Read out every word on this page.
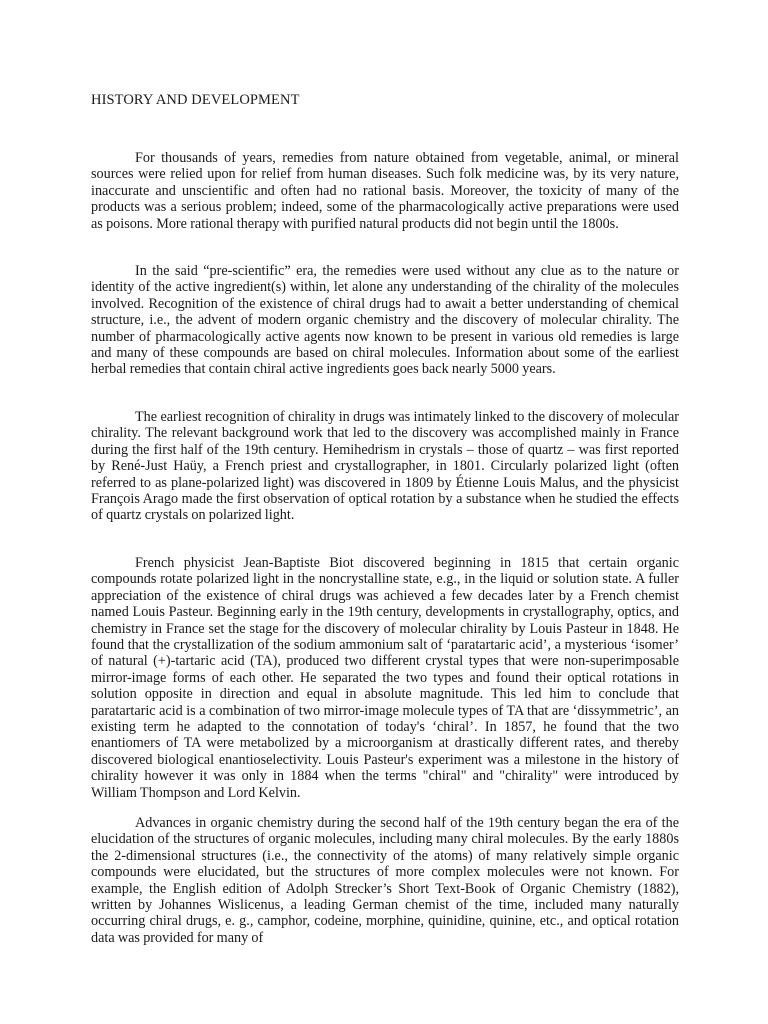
HISTORY AND DEVELOPMENT

For thousands of years, remedies from nature obtained from vegetable, animal, or mineral sources were relied upon for relief from human diseases. Such folk medicine was, by its very nature, inaccurate and unscientific and often had no rational basis. Moreover, the toxicity of many of the products was a serious problem; indeed, some of the pharmacologically active preparations were used as poisons. More rational therapy with purified natural products did not begin until the 1800s.

In the said “pre-scientific” era, the remedies were used without any clue as to the nature or identity of the active ingredient(s) within, let alone any understanding of the chirality of the molecules involved. Recognition of the existence of chiral drugs had to await a better understanding of chemical structure, i.e., the advent of modern organic chemistry and the discovery of molecular chirality. The number of pharmacologically active agents now known to be present in various old remedies is large and many of these compounds are based on chiral molecules. Information about some of the earliest herbal remedies that contain chiral active ingredients goes back nearly 5000 years.

The earliest recognition of chirality in drugs was intimately linked to the discovery of molecular chirality. The relevant background work that led to the discovery was accomplished mainly in France during the first half of the 19th century. Hemihedrism in crystals – those of quartz – was first reported by René-Just Haüy, a French priest and crystallographer, in 1801. Circularly polarized light (often referred to as plane-polarized light) was discovered in 1809 by Étienne Louis Malus, and the physicist François Arago made the first observation of optical rotation by a substance when he studied the effects of quartz crystals on polarized light.

French physicist Jean-Baptiste Biot discovered beginning in 1815 that certain organic compounds rotate polarized light in the noncrystalline state, e.g., in the liquid or solution state. A fuller appreciation of the existence of chiral drugs was achieved a few decades later by a French chemist named Louis Pasteur. Beginning early in the 19th century, developments in crystallography, optics, and chemistry in France set the stage for the discovery of molecular chirality by Louis Pasteur in 1848. He found that the crystallization of the sodium ammonium salt of ‘paratartaric acid’, a mysterious ‘isomer’ of natural (+)-tartaric acid (TA), produced two different crystal types that were non-superimposable mirror-image forms of each other. He separated the two types and found their optical rotations in solution opposite in direction and equal in absolute magnitude. This led him to conclude that paratartaric acid is a combination of two mirror-image molecule types of TA that are ‘dissymmetric’, an existing term he adapted to the connotation of today's ‘chiral’. In 1857, he found that the two enantiomers of TA were metabolized by a microorganism at drastically different rates, and thereby discovered biological enantioselectivity. Louis Pasteur's experiment was a milestone in the history of chirality however it was only in 1884 when the terms "chiral" and "chirality" were introduced by William Thompson and Lord Kelvin.

Advances in organic chemistry during the second half of the 19th century began the era of the elucidation of the structures of organic molecules, including many chiral molecules. By the early 1880s the 2-dimensional structures (i.e., the connectivity of the atoms) of many relatively simple organic compounds were elucidated, but the structures of more complex molecules were not known. For example, the English edition of Adolph Strecker’s Short Text-Book of Organic Chemistry (1882), written by Johannes Wislicenus, a leading German chemist of the time, included many naturally occurring chiral drugs, e. g., camphor, codeine, morphine, quinidine, quinine, etc., and optical rotation data was provided for many of
